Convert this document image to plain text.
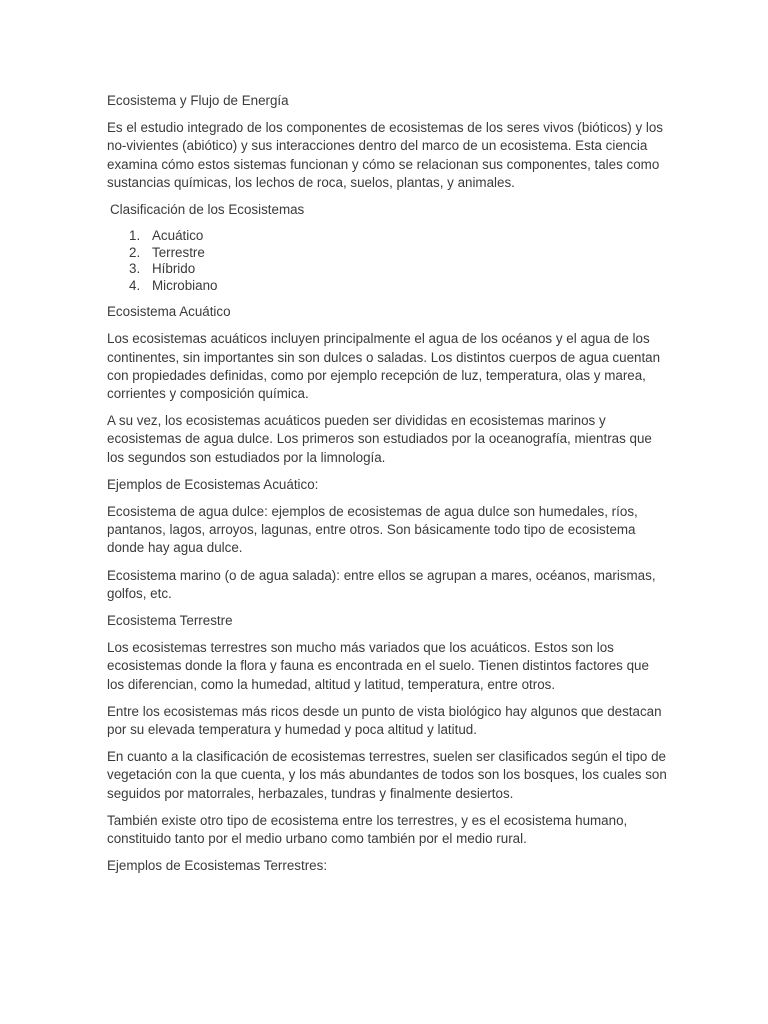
Ecosistema y Flujo de Energía
Es el estudio integrado de los componentes de ecosistemas de los seres vivos (bióticos) y los no-vivientes (abiótico) y sus interacciones dentro del marco de un ecosistema. Esta ciencia examina cómo estos sistemas funcionan y cómo se relacionan sus componentes, tales como sustancias químicas, los lechos de roca, suelos, plantas, y animales.
Clasificación de los Ecosistemas
1. Acuático
2. Terrestre
3. Híbrido
4. Microbiano
Ecosistema Acuático
Los ecosistemas acuáticos incluyen principalmente el agua de los océanos y el agua de los continentes, sin importantes sin son dulces o saladas. Los distintos cuerpos de agua cuentan con propiedades definidas, como por ejemplo recepción de luz, temperatura, olas y marea, corrientes y composición química.
A su vez, los ecosistemas acuáticos pueden ser divididas en ecosistemas marinos y ecosistemas de agua dulce. Los primeros son estudiados por la oceanografía, mientras que los segundos son estudiados por la limnología.
Ejemplos de Ecosistemas Acuático:
Ecosistema de agua dulce: ejemplos de ecosistemas de agua dulce son humedales, ríos, pantanos, lagos, arroyos, lagunas, entre otros. Son básicamente todo tipo de ecosistema donde hay agua dulce.
Ecosistema marino (o de agua salada): entre ellos se agrupan a mares, océanos, marismas, golfos, etc.
Ecosistema Terrestre
Los ecosistemas terrestres son mucho más variados que los acuáticos. Estos son los ecosistemas donde la flora y fauna es encontrada en el suelo. Tienen distintos factores que los diferencian, como la humedad, altitud y latitud, temperatura, entre otros.
Entre los ecosistemas más ricos desde un punto de vista biológico hay algunos que destacan por su elevada temperatura y humedad y poca altitud y latitud.
En cuanto a la clasificación de ecosistemas terrestres, suelen ser clasificados según el tipo de vegetación con la que cuenta, y los más abundantes de todos son los bosques, los cuales son seguidos por matorrales, herbazales, tundras y finalmente desiertos.
También existe otro tipo de ecosistema entre los terrestres, y es el ecosistema humano, constituido tanto por el medio urbano como también por el medio rural.
Ejemplos de Ecosistemas Terrestres:
